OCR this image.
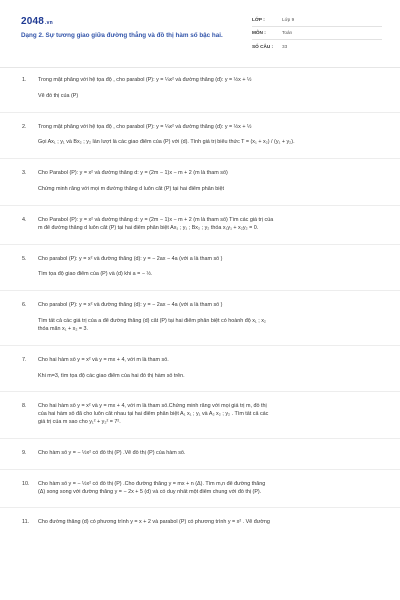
2048.vn
Dạng 2. Sự tương giao giữa đường thẳng và đồ thị hàm số bậc hai.
LỚP :	Lớp 9
MÔN :	Toán
SỐ CÂU :	33
1. Trong mặt phẳng với hệ tọa độ , cho parabol (P): y = ¼x² và đường thẳng (d): y = ½x + ½
Vẽ đồ thị của (P)
2. Trong mặt phẳng với hệ tọa độ , cho parabol (P): y = ¼x² và đường thẳng (d): y = ½x + ½
Gọi Ax₁ ; y₁ và Bx₂ ; y₂ lần lượt là các giao điểm của (P) với (d). Tính giá trị biểu thức T = (x₁ + x₂) / (y₁ + y₂).
3. Cho Parabol (P): y = x² và đường thẳng d: y = (2m − 1)x − m + 2 (m là tham số)
Chứng minh rằng với mọi m đường thẳng d luôn cắt (P) tại hai điểm phân biệt
4. Cho Parabol (P): y = x² và đường thẳng d: y = (2m − 1)x − m + 2 (m là tham số) Tìm các giá trị của
m để đường thẳng d luôn cắt (P) tại hai điểm phân biệt Ax₁ ; y₁ ; Bx₂ ; y₂ thỏa x₁y₁ + x₂y₂ = 0.
5. Cho parabol (P): y = x² và đường thẳng (d): y = − 2ax − 4a (với a là tham số )
Tìm tọa độ giao điểm của (P) và (d) khi a = − ½.
6. Cho parabol (P): y = x² và đường thẳng (d): y = − 2ax − 4a (với a là tham số )
Tìm tất cả các giá trị của a để đường thẳng (d) cắt (P) tại hai điểm phân biệt có hoành độ x₁ ; x₂
thỏa mãn x₁ + x₂ = 3.
7. Cho hai hàm số y = x² và y = mx + 4, với m là tham số.
Khi m=3, tìm tọa độ các giao điểm của hai đồ thị hàm số trên.
8. Cho hai hàm số y = x² và y = mx + 4, với m là tham số.Chứng minh rằng với mọi giá trị m, đồ thị
của hai hàm số đã cho luôn cắt nhau tại hai điểm phân biệt A₁ x₁ ; y₁ và A₂ x₂ ; y₂ . Tìm tất cả các
giá trị của m sao cho y₁² + y₂² = 7².
9. Cho hàm số y = − ½x² có đồ thị (P) .Vẽ đồ thị (P) của hàm số.
10. Cho hàm số y = − ½x² có đồ thị (P) .Cho đường thẳng y = mx + n (Δ). Tìm m,n để đường thẳng
(Δ) song song với đường thẳng y = − 2x + 5 (d) và có duy nhất một điểm chung với đồ thị (P).
11. Cho đường thẳng (d) có phương trình y = x + 2 và parabol (P) có phương trình y = x² . Vẽ đường
